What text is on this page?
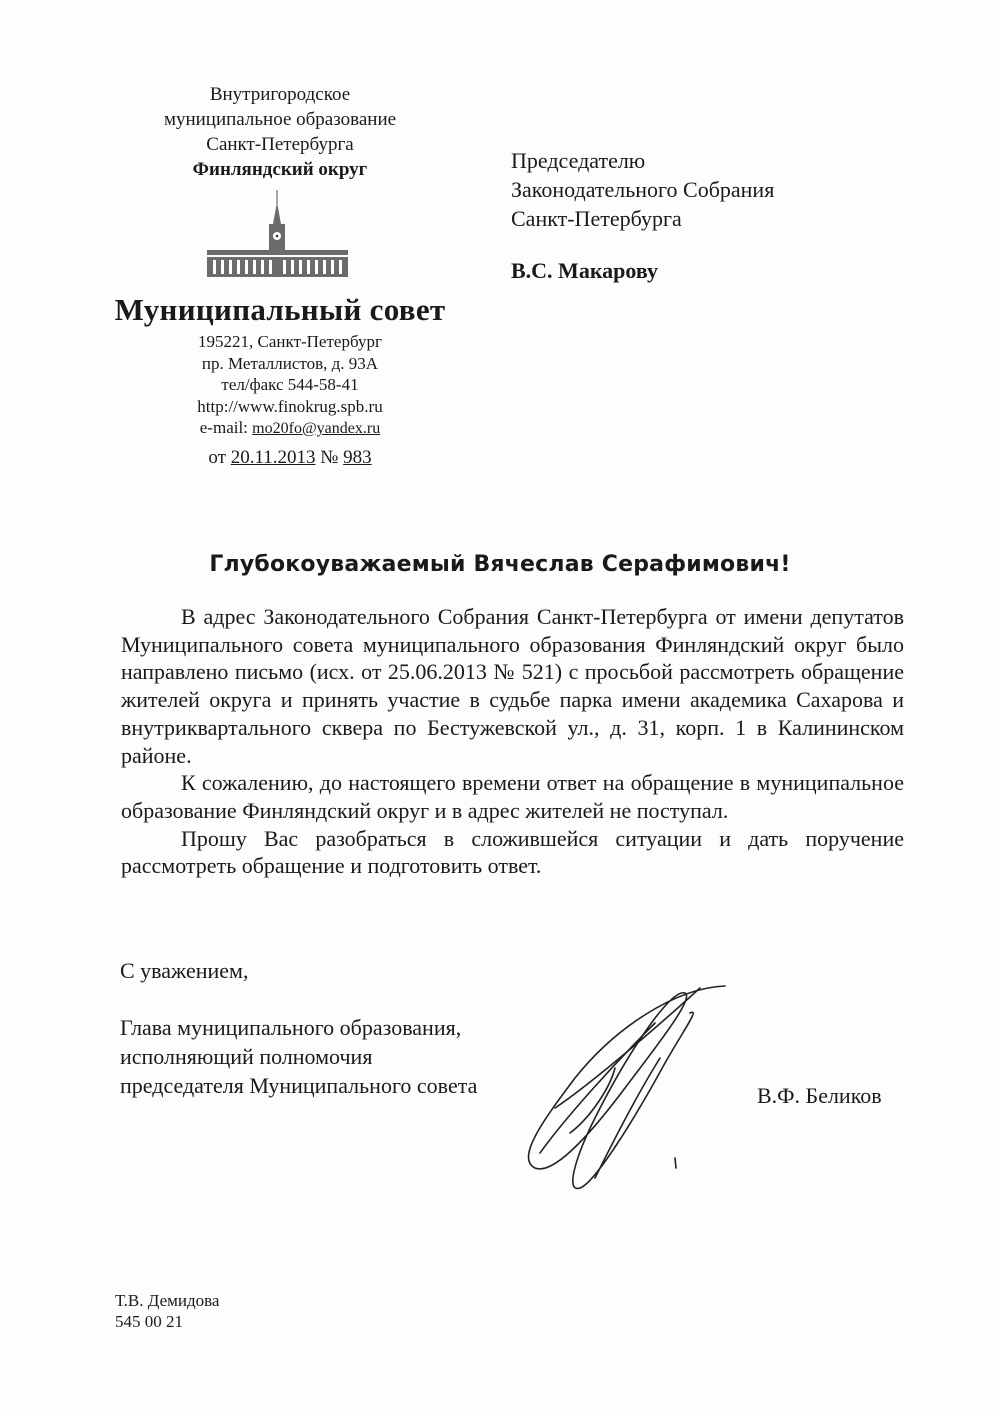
Внутригородское
муниципальное образование
Санкт-Петербурга
Финляндский округ
Муниципальный совет
195221, Санкт-Петербург
пр. Металлистов, д. 93А
тел/факс 544-58-41
http://www.finokrug.spb.ru
e-mail: mo20fo@yandex.ru
от 20.11.2013 № 983
Председателю
Законодательного Собрания
Санкт-Петербурга
В.С. Макарову
Глубокоуважаемый Вячеслав Серафимович!

В адрес Законодательного Собрания Санкт-Петербурга от имени депутатов Муниципального совета муниципального образования Финляндский округ было направлено письмо (исх. от 25.06.2013 № 521) с просьбой рассмотреть обращение жителей округа и принять участие в судьбе парка имени академика Сахарова и внутриквартального сквера по Бестужевской ул., д. 31, корп. 1 в Калининском районе.

К сожалению, до настоящего времени ответ на обращение в муниципальное образование Финляндский округ и в адрес жителей не поступал.

Прошу Вас разобраться в сложившейся ситуации и дать поручение рассмотреть обращение и подготовить ответ.

С уважением,
Глава муниципального образования,
исполняющий полномочия
председателя Муниципального совета	В.Ф. Беликов
Т.В. Демидова
545 00 21
